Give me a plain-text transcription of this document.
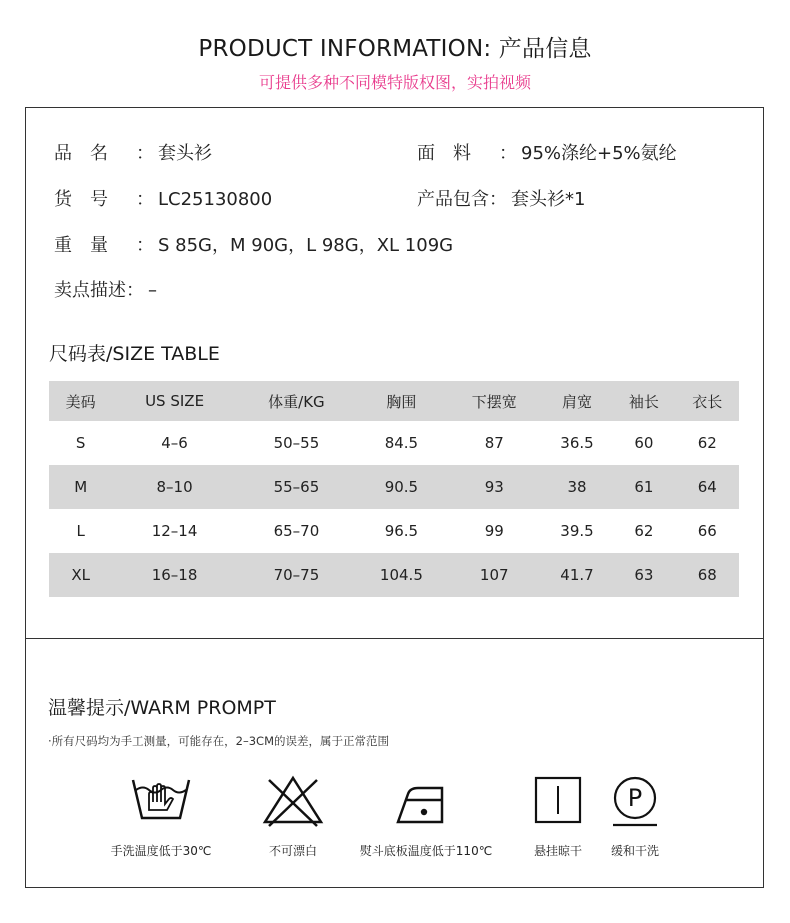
PRODUCT INFORMATION: 产品信息
可提供多种不同模特版权图，实拍视频
品　名 ： 套头衫	面　料 ： 95%涤纶+5%氨纶
货　号 ： LC25130800	产品包含： 套头衫*1
重　量 ： S 85G，M 90G，L 98G，XL 109G
卖点描述： –
尺码表/SIZE TABLE
美码	US SIZE	体重/KG	胸围	下摆宽	肩宽	袖长	衣长
S	4–6	50–55	84.5	87	36.5	60	62
M	8–10	55–65	90.5	93	38	61	64
L	12–14	65–70	96.5	99	39.5	62	66
XL	16–18	70–75	104.5	107	41.7	63	68
温馨提示/WARM PROMPT
·所有尺码均为手工测量，可能存在，2–3CM的误差，属于正常范围
手洗温度低于30℃	不可漂白	熨斗底板温度低于110℃	悬挂晾干
P
缓和干洗
